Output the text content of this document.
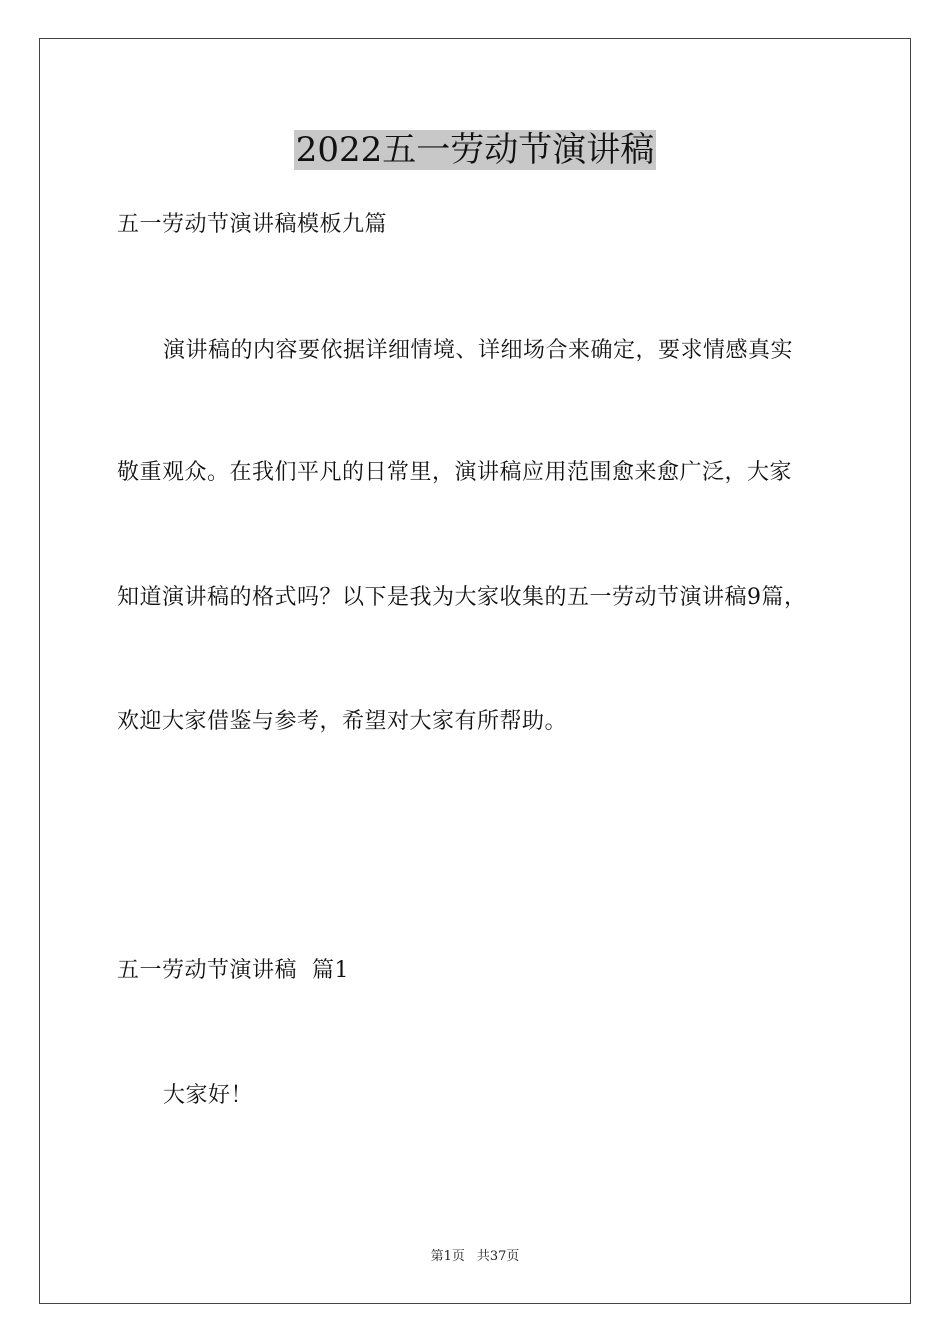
2022五一劳动节演讲稿

五一劳动节演讲稿模板九篇

演讲稿的内容要依据详细情境、详细场合来确定，要求情感真实

敬重观众。在我们平凡的日常里，演讲稿应用范围愈来愈广泛，大家

知道演讲稿的格式吗？以下是我为大家收集的五一劳动节演讲稿9篇，

欢迎大家借鉴与参考，希望对大家有所帮助。

五一劳动节演讲稿  篇1

大家好！

第1页 共37页
